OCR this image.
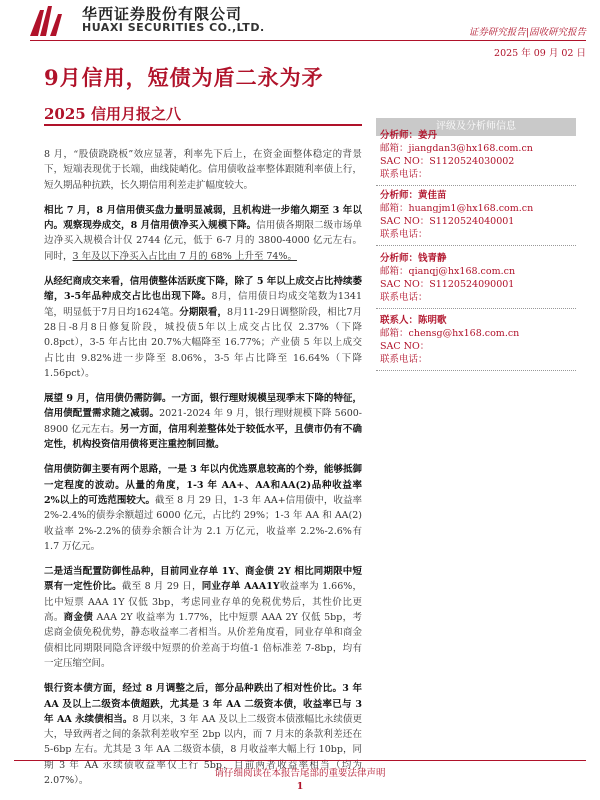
华西证券股份有限公司
HUAXI SECURITIES CO.,LTD.	证券研究报告|固收研究报告
2025 年 09 月 02 日
9月信用，短债为盾二永为矛
2025 信用月报之八

8 月，“股债跷跷板”效应显著，利率先下后上，在资金面整体稳定的背景下，短端表现优于长端，曲线陡峭化。信用债收益率整体跟随利率债上行，短久期品种抗跌，长久期信用利差走扩幅度较大。

相比 7 月，8 月信用债买盘力量明显减弱，且机构进一步缩久期至 3 年以内。观察现券成交，8 月信用债净买入规模下降。信用债各期限二级市场单边净买入规模合计仅 2744 亿元，低于 6-7 月的 3800-4000 亿元左右。同时，3 年及以下净买入占比由 7 月的 68% 上升至 74%。

从经纪商成交来看，信用债整体活跃度下降，除了 5 年以上成交占比持续萎缩，3-5年品种成交占比也出现下降。8月，信用债日均成交笔数为1341笔，明显低于7月日均1624笔。分期限看，8月11-29日调整阶段，相比7月28日-8月8日修复阶段，城投债5年以上成交占比仅 2.37%（下降 0.8pct），3-5 年占比由 20.7%大幅降至 16.77%；产业债 5 年以上成交占比由 9.82%进一步降至 8.06%，3-5 年占比降至 16.64%（下降 1.56pct）。

展望 9 月，信用债仍需防御。一方面，银行理财规模呈现季末下降的特征，信用债配置需求随之减弱。2021-2024 年 9 月，银行理财规模下降 5600-8900 亿元左右。另一方面，信用利差整体处于较低水平，且债市仍有不确定性，机构投资信用债将更注重控制回撤。

信用债防御主要有两个思路，一是 3 年以内优选票息较高的个券，能够抵御一定程度的波动。从量的角度，1-3 年 AA+、AA和AA(2)品种收益率 2%以上的可选范围较大。截至 8 月 29 日，1-3 年 AA+信用债中，收益率 2%-2.4%的债券余额超过 6000 亿元，占比约 29%；1-3 年 AA 和 AA(2)收益率 2%-2.2%的债券余额合计为 2.1 万亿元，收益率 2.2%-2.6%有 1.7 万亿元。

二是适当配置防御性品种，目前同业存单 1Y、商金债 2Y 相比同期限中短票有一定性价比。截至 8 月 29 日，同业存单 AAA1Y收益率为 1.66%，比中短票 AAA 1Y 仅低 3bp，考虑同业存单的免税优势后，其性价比更高。商金债 AAA 2Y 收益率为 1.77%，比中短票 AAA 2Y 仅低 5bp，考虑商金债免税优势，静态收益率二者相当。从价差角度看，同业存单和商金债相比同期限同隐含评级中短票的价差高于均值-1 倍标准差 7-8bp，均有一定压缩空间。

银行资本债方面，经过 8 月调整之后，部分品种跌出了相对性价比。3 年 AA 及以上二级资本债超跌，尤其是 3 年 AA 二级资本债，收益率已与 3 年 AA 永续债相当。8 月以来，3 年 AA 及以上二级资本债涨幅比永续债更大，导致两者之间的条款利差收窄至 2bp 以内，而 7 月末的条款利差还在 5-6bp 左右。尤其是 3 年 AA 二级资本债，8 月收益率大幅上行 10bp，同期 3 年 AA 永续债收益率仅上行 5bp，目前两者收益率相当（均为 2.07%）。

评级及分析师信息
分析师：姜丹
邮箱：jiangdan3@hx168.com.cn
SAC NO：S1120524030002
联系电话：
分析师：黄佳苗
邮箱：huangjm1@hx168.com.cn
SAC NO：S1120524040001
联系电话：
分析师：钱青静
邮箱：qianqj@hx168.com.cn
SAC NO：S1120524090001
联系电话：
联系人：陈明歌
邮箱：chensg@hx168.com.cn
SAC NO：
联系电话：
请仔细阅读在本报告尾部的重要法律声明
1
